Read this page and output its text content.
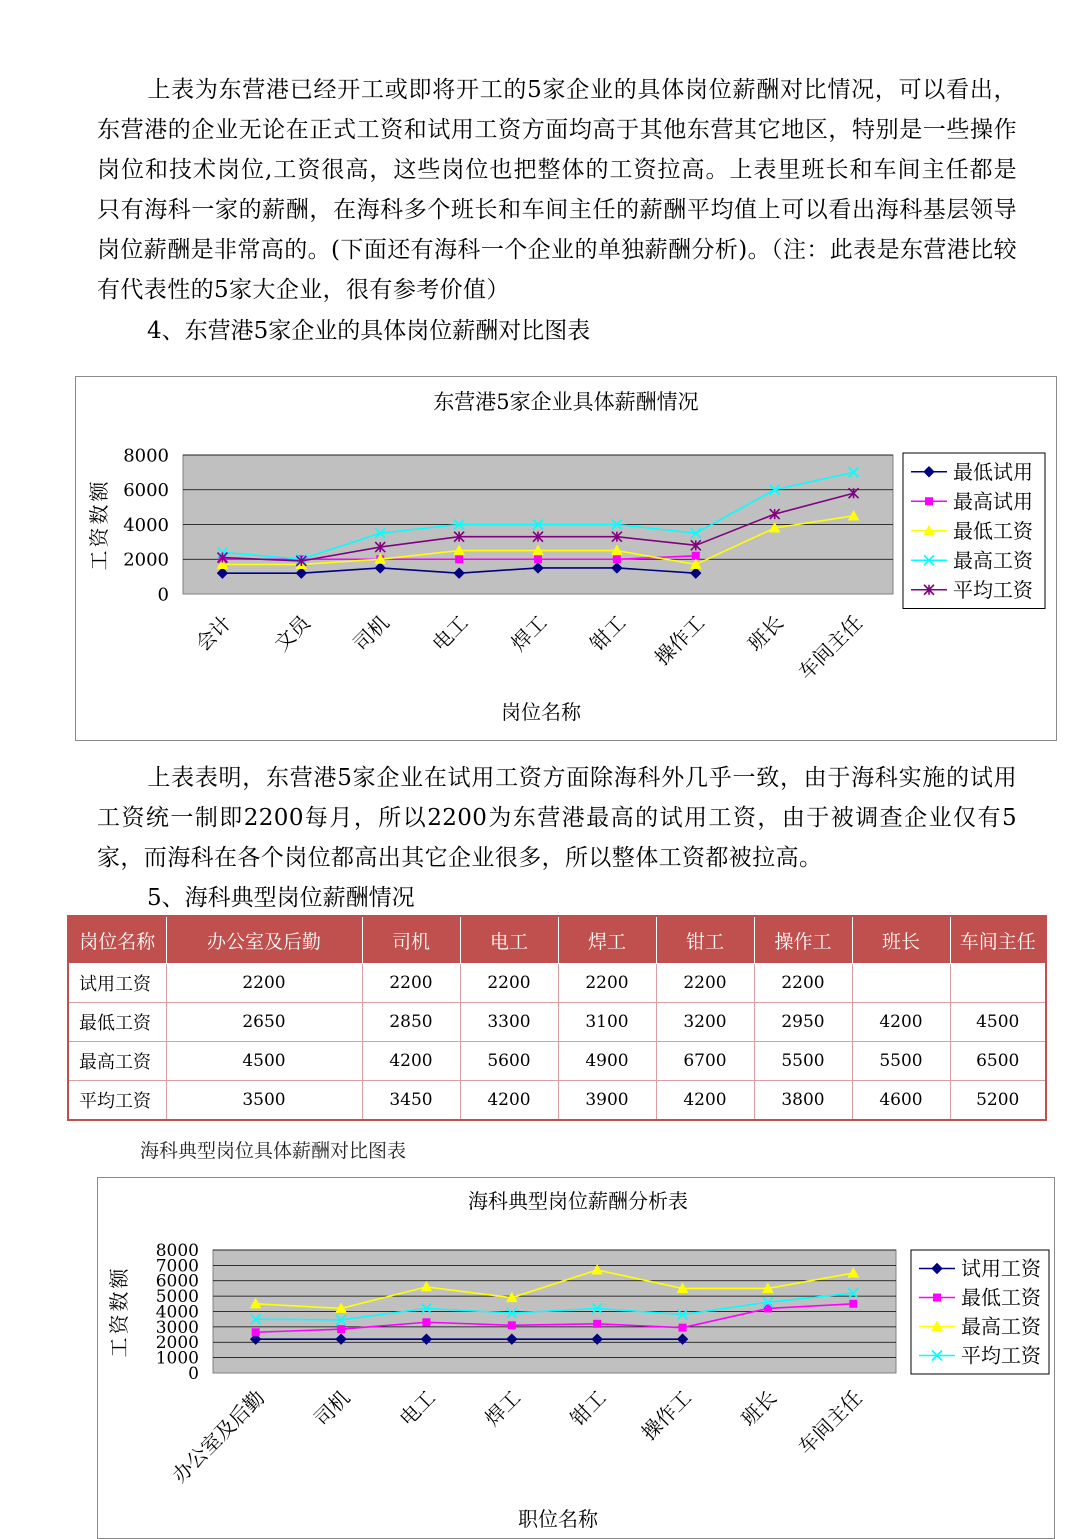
上表为东营港已经开工或即将开工的5家企业的具体岗位薪酬对比情况，可以看出，东营港的企业无论在正式工资和试用工资方面均高于其他东营其它地区，特别是一些操作岗位和技术岗位,工资很高，这些岗位也把整体的工资拉高。上表里班长和车间主任都是只有海科一家的薪酬，在海科多个班长和车间主任的薪酬平均值上可以看出海科基层领导岗位薪酬是非常高的。(下面还有海科一个企业的单独薪酬分析)。（注：此表是东营港比较有代表性的5家大企业，很有参考价值）

4、东营港5家企业的具体岗位薪酬对比图表

东营港5家企业具体薪酬情况
0
2000
4000
6000
8000
工资数额
会计 文员 司机 电工 焊工 钳工 操作工 班长 车间主任
岗位名称
最低试用
最高试用
最低工资
最高工资
平均工资

上表表明，东营港5家企业在试用工资方面除海科外几乎一致，由于海科实施的试用工资统一制即2200每月，所以2200为东营港最高的试用工资，由于被调查企业仅有5家，而海科在各个岗位都高出其它企业很多，所以整体工资都被拉高。

5、海科典型岗位薪酬情况

岗位名称	办公室及后勤	司机	电工	焊工	钳工	操作工	班长	车间主任
试用工资	2200	2200	2200	2200	2200	2200		
最低工资	2650	2850	3300	3100	3200	2950	4200	4500
最高工资	4500	4200	5600	4900	6700	5500	5500	6500
平均工资	3500	3450	4200	3900	4200	3800	4600	5200

海科典型岗位具体薪酬对比图表

海科典型岗位薪酬分析表
0
1000
2000
3000
4000
5000
6000
7000
8000
工资数额
办公室及后勤 司机 电工 焊工 钳工 操作工 班长 车间主任
职位名称
试用工资
最低工资
最高工资
平均工资
